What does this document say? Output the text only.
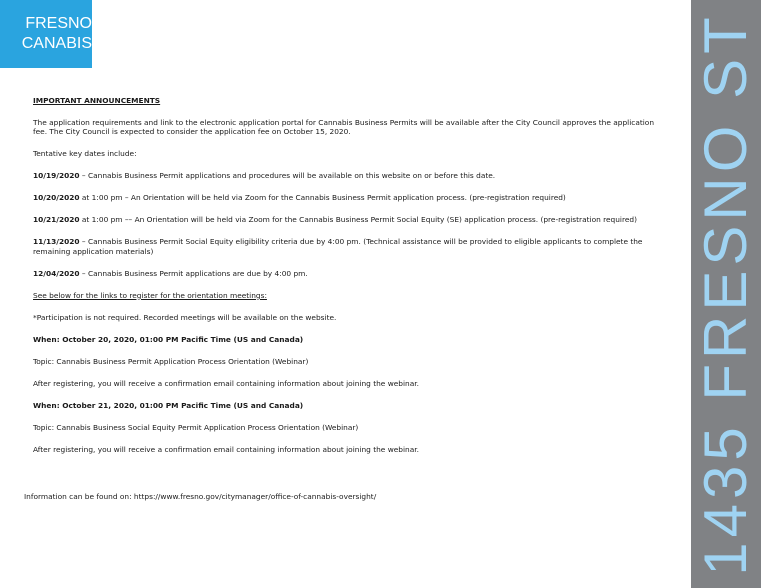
FRESNO
CANABIS	1435 FRESNO ST

IMPORTANT ANNOUNCEMENTS

The application requirements and link to the electronic application portal for Cannabis Business Permits will be available after the City Council approves the application fee. The City Council is expected to consider the application fee on October 15, 2020.

Tentative key dates include:

10/19/2020 – Cannabis Business Permit applications and procedures will be available on this website on or before this date.

10/20/2020 at 1:00 pm – An Orientation will be held via Zoom for the Cannabis Business Permit application process. (pre-registration required)

10/21/2020 at 1:00 pm –– An Orientation will be held via Zoom for the Cannabis Business Permit Social Equity (SE) application process. (pre-registration required)

11/13/2020 – Cannabis Business Permit Social Equity eligibility criteria due by 4:00 pm. (Technical assistance will be provided to eligible applicants to complete the remaining application materials)

12/04/2020 – Cannabis Business Permit applications are due by 4:00 pm.

See below for the links to register for the orientation meetings:

*Participation is not required. Recorded meetings will be available on the website.

When: October 20, 2020, 01:00 PM Pacific Time (US and Canada)

Topic: Cannabis Business Permit Application Process Orientation (Webinar)

After registering, you will receive a confirmation email containing information about joining the webinar.

When: October 21, 2020, 01:00 PM Pacific Time (US and Canada)

Topic: Cannabis Business Social Equity Permit Application Process Orientation (Webinar)

After registering, you will receive a confirmation email containing information about joining the webinar.

Information can be found on: https://www.fresno.gov/citymanager/office-of-cannabis-oversight/
